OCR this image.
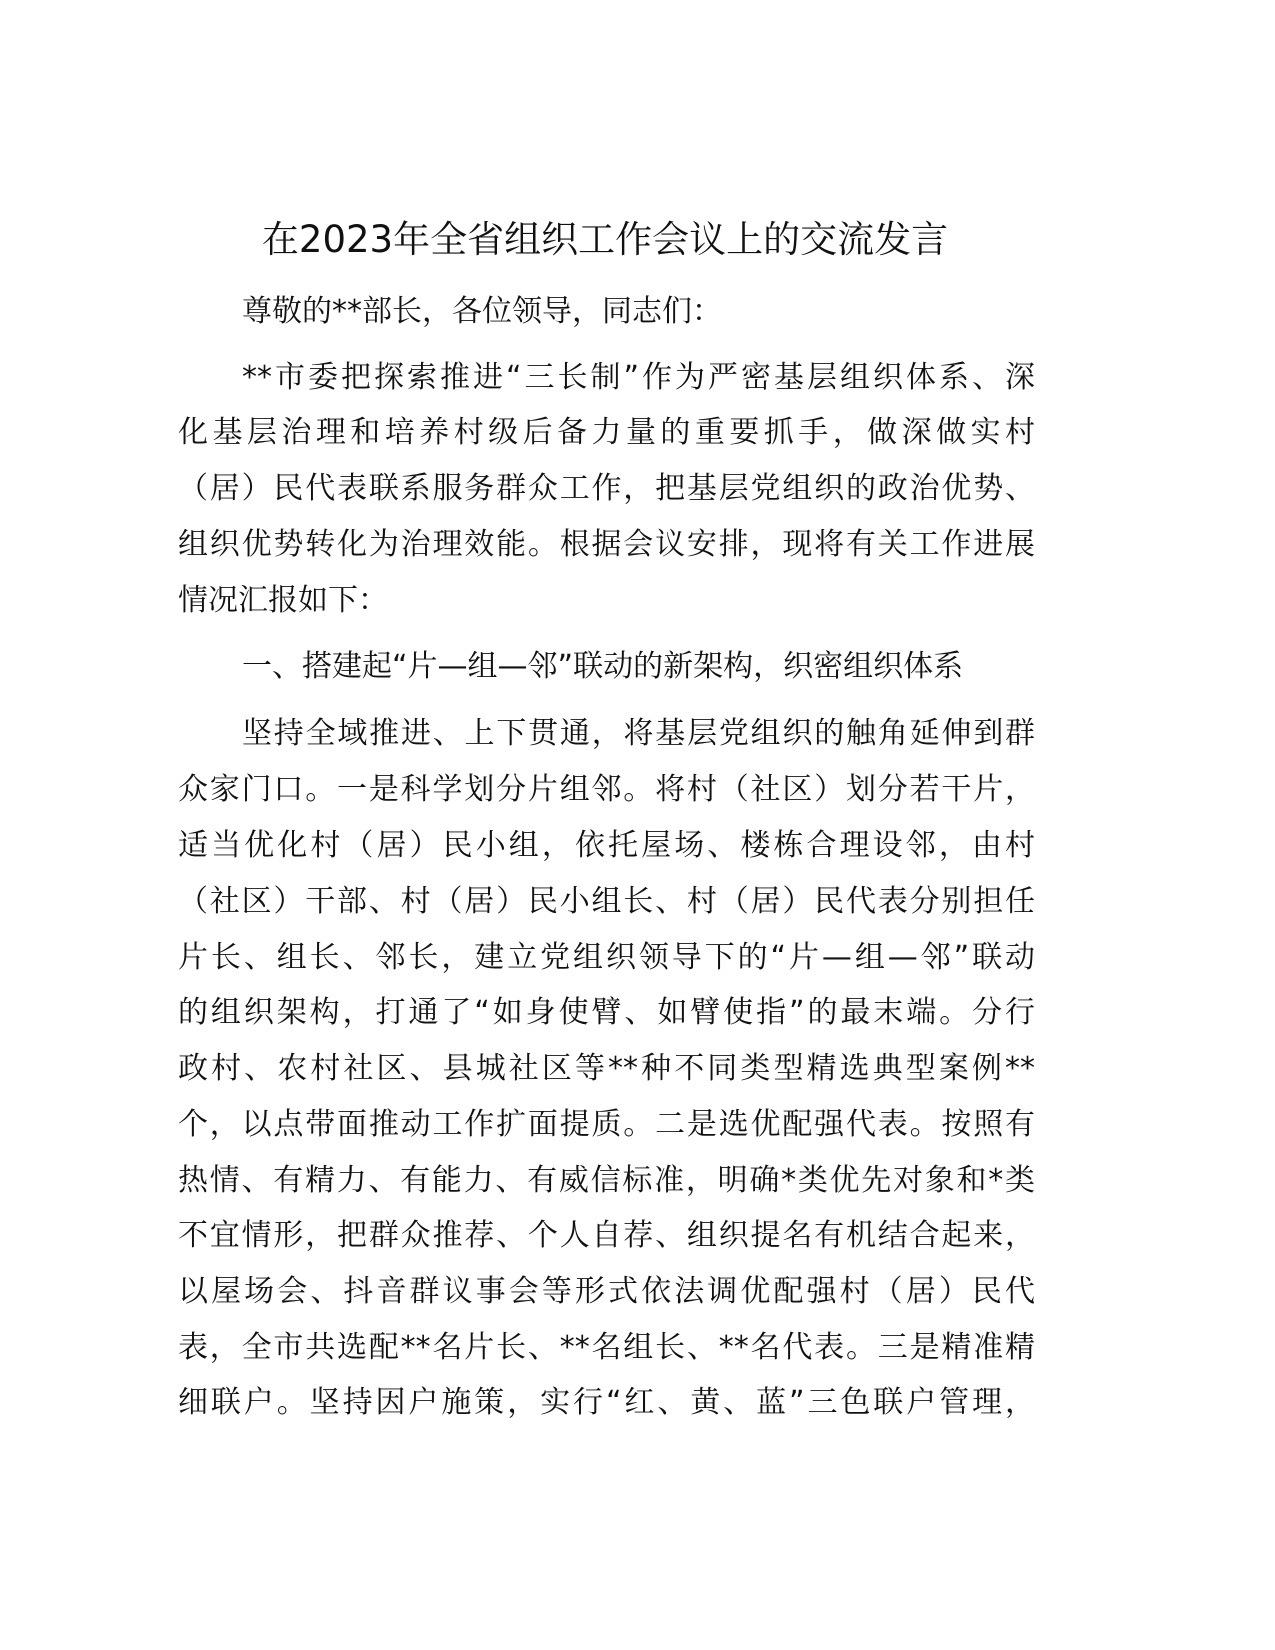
在2023年全省组织工作会议上的交流发言
尊敬的**部长，各位领导，同志们：
**市委把探索推进“三长制”作为严密基层组织体系、深
化基层治理和培养村级后备力量的重要抓手，做深做实村
（居）民代表联系服务群众工作，把基层党组织的政治优势、
组织优势转化为治理效能。根据会议安排，现将有关工作进展
情况汇报如下：
一、搭建起“片—组—邻”联动的新架构，织密组织体系
坚持全域推进、上下贯通，将基层党组织的触角延伸到群
众家门口。一是科学划分片组邻。将村（社区）划分若干片，
适当优化村（居）民小组，依托屋场、楼栋合理设邻，由村
（社区）干部、村（居）民小组长、村（居）民代表分别担任
片长、组长、邻长，建立党组织领导下的“片—组—邻”联动
的组织架构，打通了“如身使臂、如臂使指”的最末端。分行
政村、农村社区、县城社区等**种不同类型精选典型案例**
个，以点带面推动工作扩面提质。二是选优配强代表。按照有
热情、有精力、有能力、有威信标准，明确*类优先对象和*类
不宜情形，把群众推荐、个人自荐、组织提名有机结合起来，
以屋场会、抖音群议事会等形式依法调优配强村（居）民代
表，全市共选配**名片长、**名组长、**名代表。三是精准精
细联户。坚持因户施策，实行“红、黄、蓝”三色联户管理，
